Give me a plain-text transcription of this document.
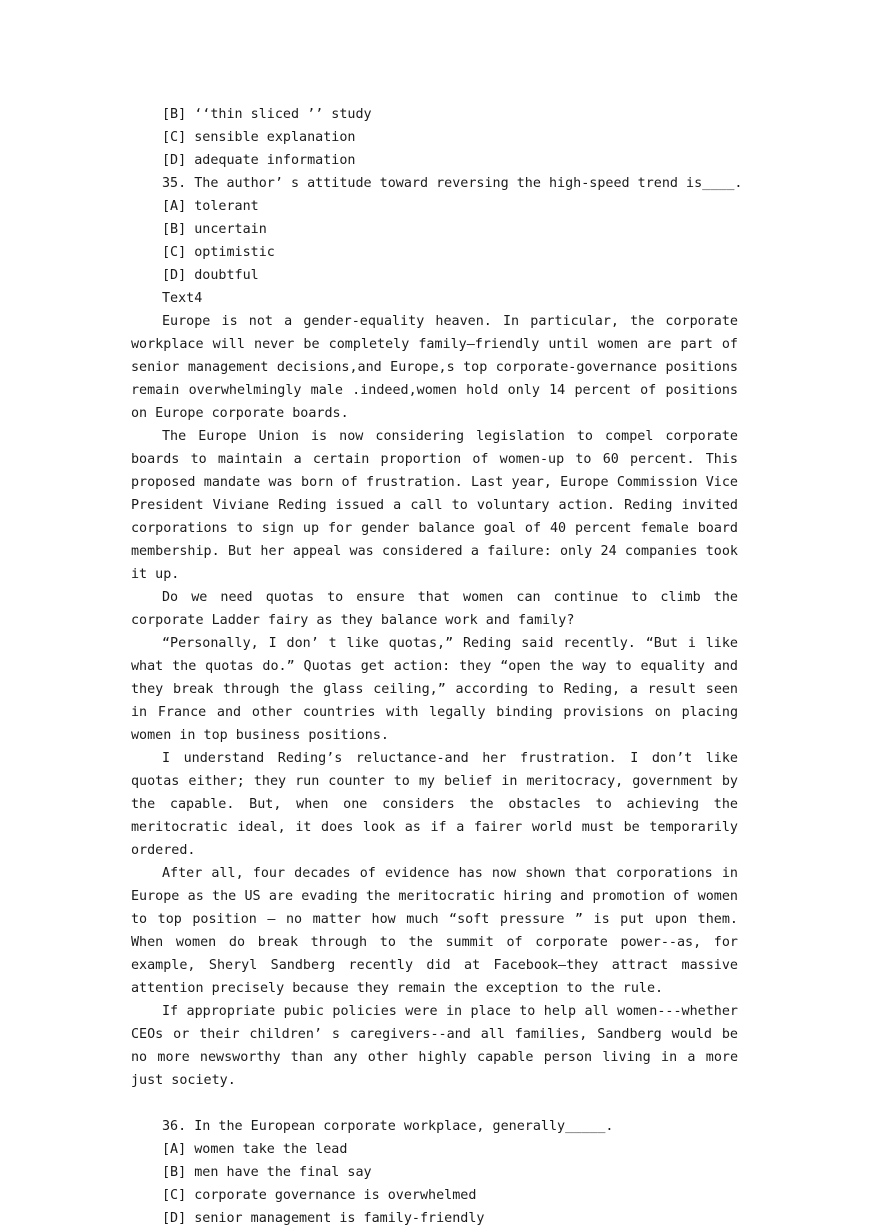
[B] ‘‘thin sliced ’’ study
[C] sensible explanation
[D] adequate information
35. The author’ s attitude toward reversing the high-speed trend is____.
[A] tolerant
[B] uncertain
[C] optimistic
[D] doubtful
Text4

Europe is not a gender-equality heaven. In particular, the corporate workplace will never be completely family—friendly until women are part of senior management decisions,and Europe,s top corporate-governance positions remain overwhelmingly male .indeed,women hold only 14 percent of positions on Europe corporate boards.

The Europe Union is now considering legislation to compel corporate boards to maintain a certain proportion of women-up to 60 percent. This proposed mandate was born of frustration. Last year, Europe Commission Vice President Viviane Reding issued a call to voluntary action. Reding invited corporations to sign up for gender balance goal of 40 percent female board membership. But her appeal was considered a failure: only 24 companies took it up.

Do we need quotas to ensure that women can continue to climb the corporate Ladder fairy as they balance work and family?

“Personally, I don’ t like quotas,” Reding said recently. “But i like what the quotas do.” Quotas get action: they “open the way to equality and they break through the glass ceiling,” according to Reding, a result seen in France and other countries with legally binding provisions on placing women in top business positions.

I understand Reding’s reluctance-and her frustration. I don’t like quotas either; they run counter to my belief in meritocracy, government by the capable. But, when one considers the obstacles to achieving the meritocratic ideal, it does look as if a fairer world must be temporarily ordered.

After all, four decades of evidence has now shown that corporations in Europe as the US are evading the meritocratic hiring and promotion of women to top position — no matter how much “soft pressure ” is put upon them. When women do break through to the summit of corporate power--as, for example, Sheryl Sandberg recently did at Facebook—they attract massive attention precisely because they remain the exception to the rule.

If appropriate pubic policies were in place to help all women---whether CEOs or their children’ s caregivers--and all families, Sandberg would be no more newsworthy than any other highly capable person living in a more just society.

36. In the European corporate workplace, generally_____.
[A] women take the lead
[B] men have the final say
[C] corporate governance is overwhelmed
[D] senior management is family-friendly
